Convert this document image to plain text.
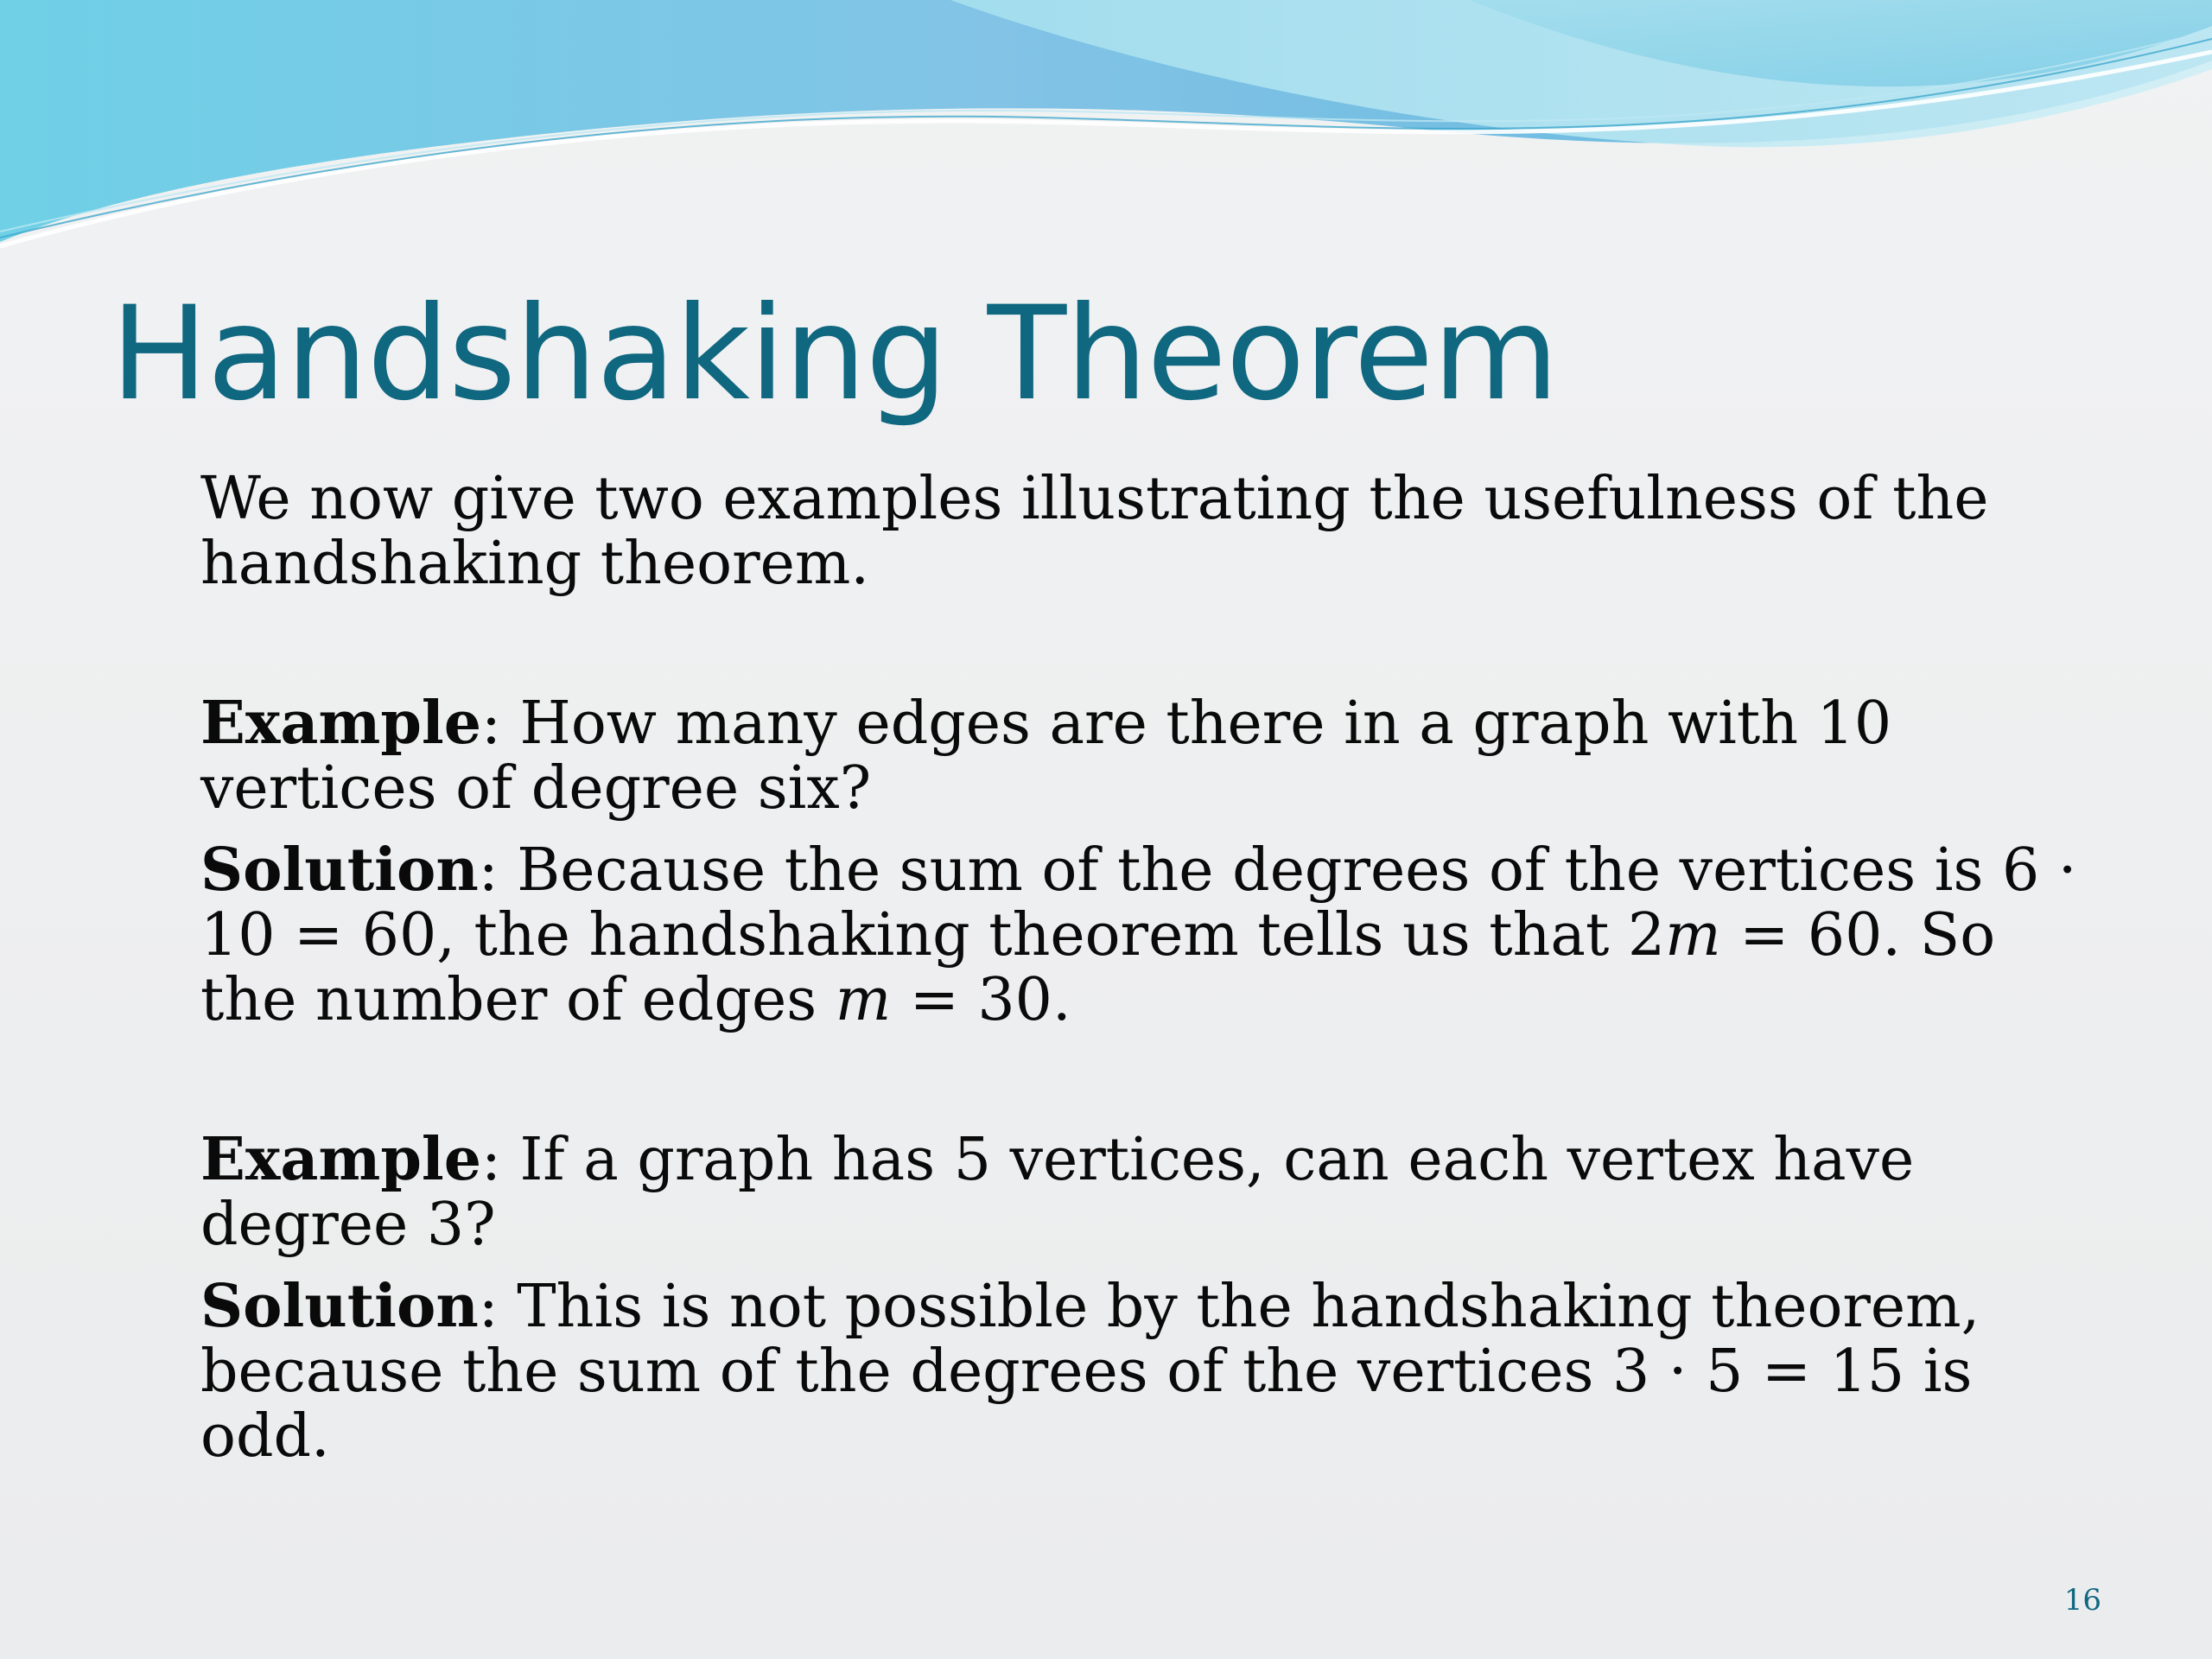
Handshaking Theorem

We now give two examples illustrating the usefulness of the handshaking theorem.

Example: How many edges are there in a graph with 10 vertices of degree six?

Solution: Because the sum of the degrees of the vertices is 6 · 10 = 60, the handshaking theorem tells us that 2m = 60. So the number of edges m = 30.

Example: If a graph has 5 vertices, can each vertex have degree 3?

Solution: This is not possible by the handshaking theorem, because the sum of the degrees of the vertices 3 · 5 = 15 is odd.

16
